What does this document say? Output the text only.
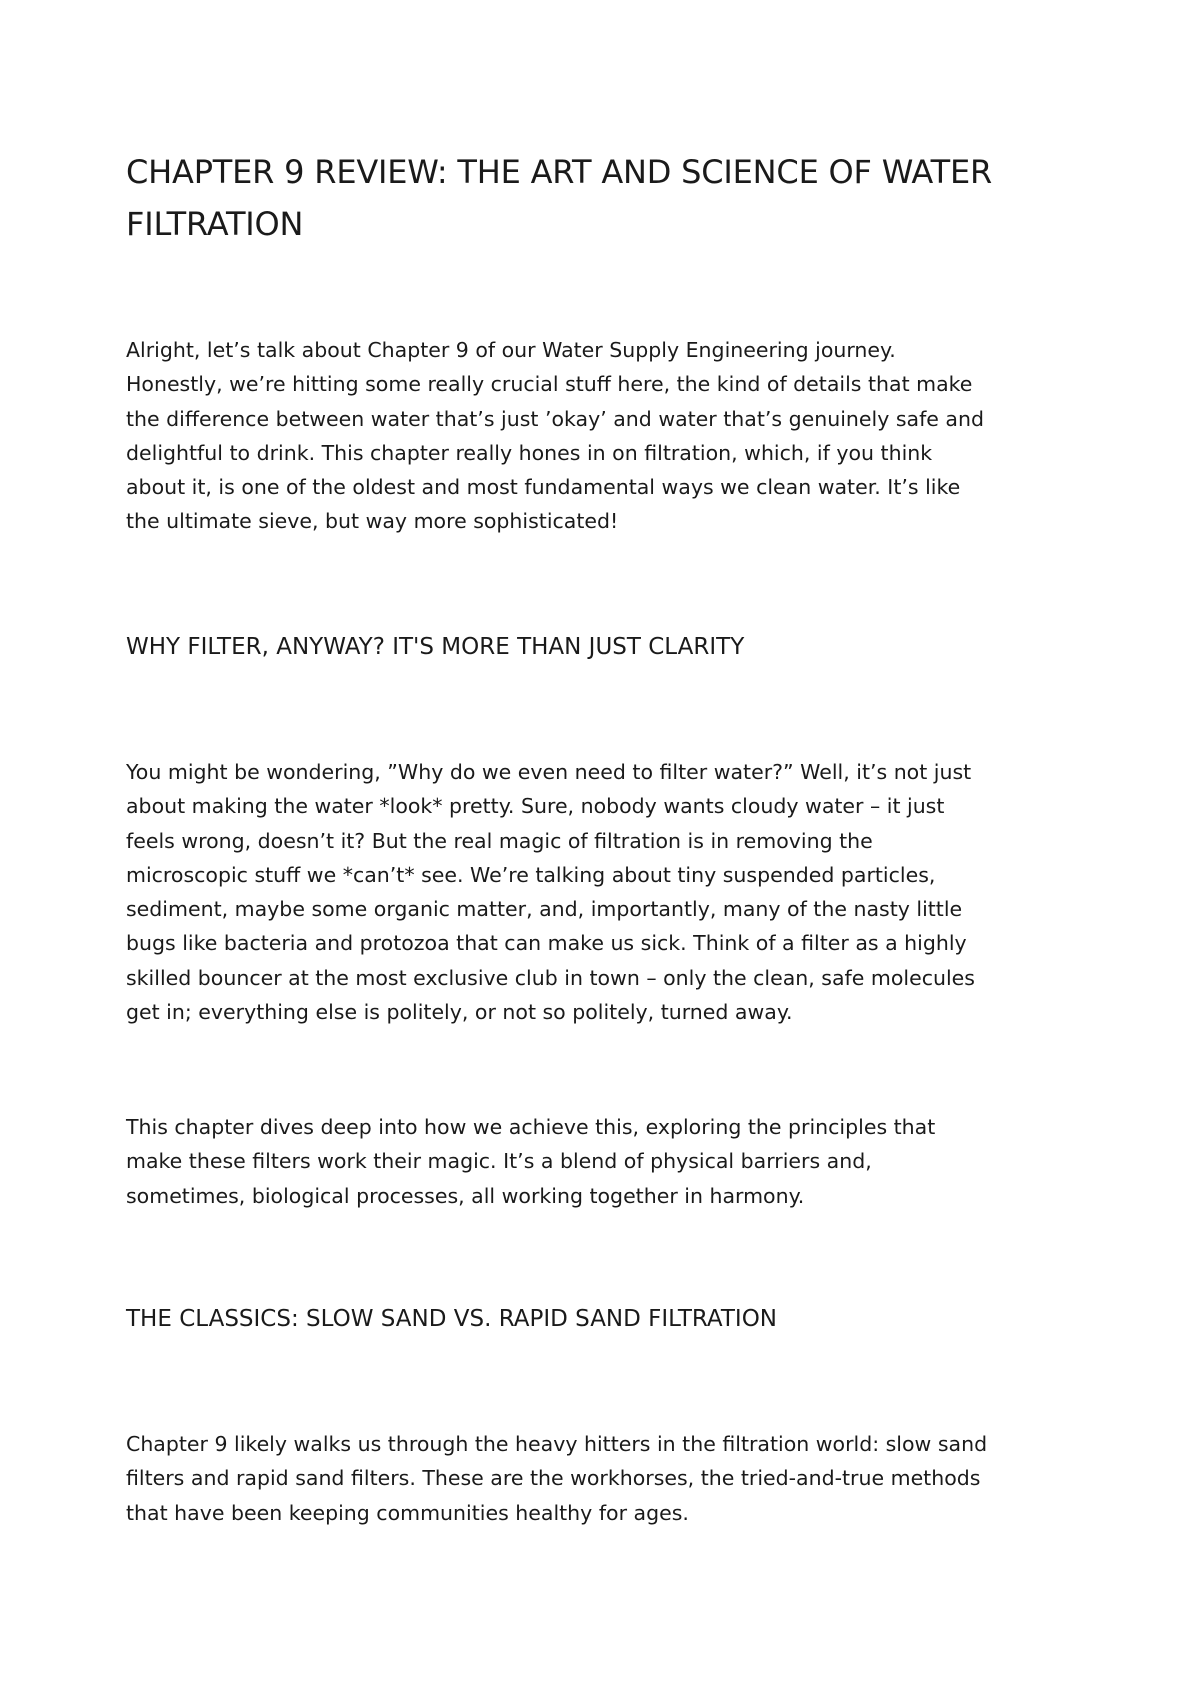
CHAPTER 9 REVIEW: THE ART AND SCIENCE OF WATER FILTRATION

Alright, let’s talk about Chapter 9 of our Water Supply Engineering journey.
Honestly, we’re hitting some really crucial stuff here, the kind of details that make
the difference between water that’s just ’okay’ and water that’s genuinely safe and
delightful to drink. This chapter really hones in on filtration, which, if you think
about it, is one of the oldest and most fundamental ways we clean water. It’s like
the ultimate sieve, but way more sophisticated!

WHY FILTER, ANYWAY? IT'S MORE THAN JUST CLARITY

You might be wondering, ”Why do we even need to filter water?” Well, it’s not just
about making the water *look* pretty. Sure, nobody wants cloudy water – it just
feels wrong, doesn’t it? But the real magic of filtration is in removing the
microscopic stuff we *can’t* see. We’re talking about tiny suspended particles,
sediment, maybe some organic matter, and, importantly, many of the nasty little
bugs like bacteria and protozoa that can make us sick. Think of a filter as a highly
skilled bouncer at the most exclusive club in town – only the clean, safe molecules
get in; everything else is politely, or not so politely, turned away.

This chapter dives deep into how we achieve this, exploring the principles that
make these filters work their magic. It’s a blend of physical barriers and,
sometimes, biological processes, all working together in harmony.

THE CLASSICS: SLOW SAND VS. RAPID SAND FILTRATION

Chapter 9 likely walks us through the heavy hitters in the filtration world: slow sand
filters and rapid sand filters. These are the workhorses, the tried-and-true methods
that have been keeping communities healthy for ages.
